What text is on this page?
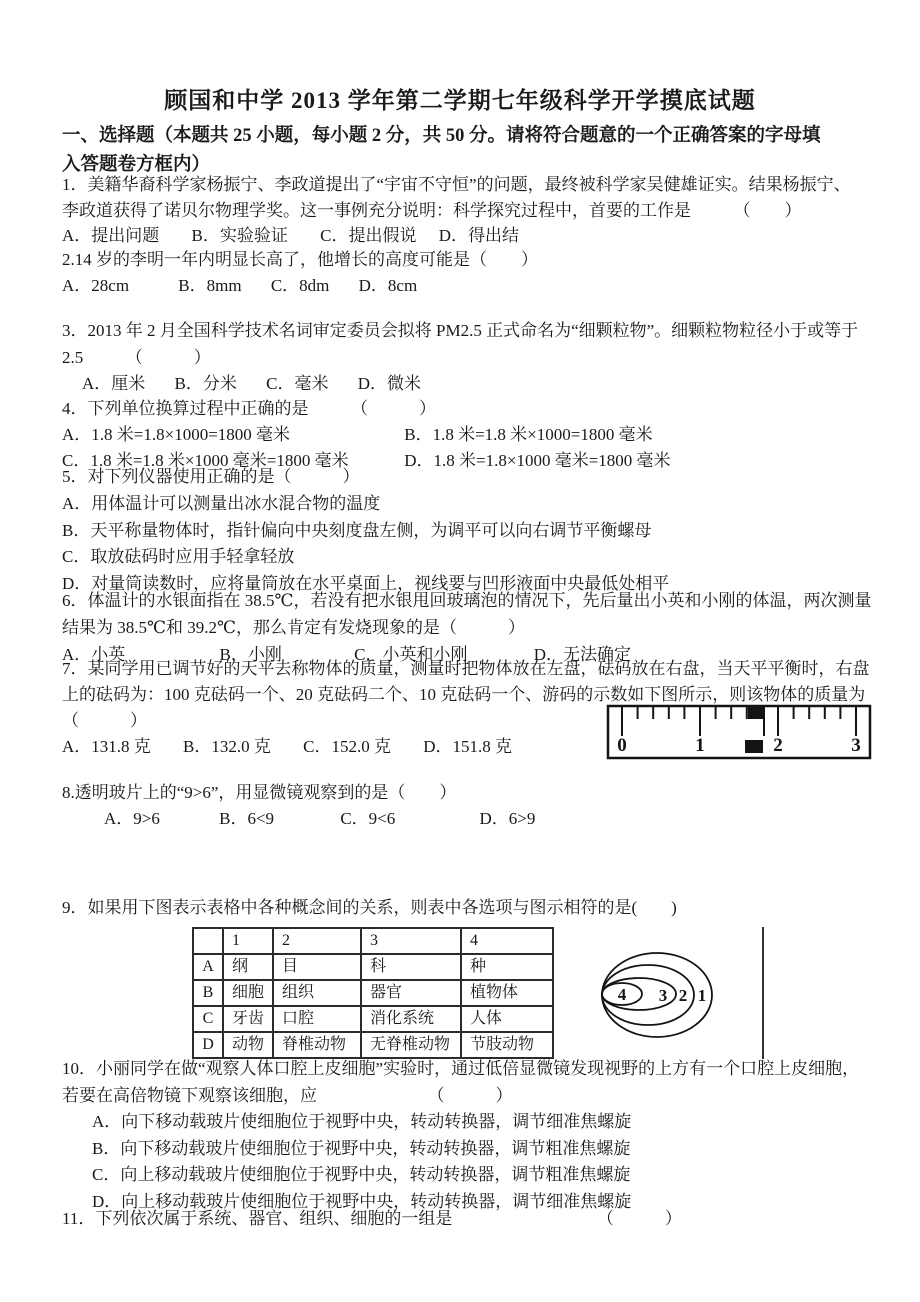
顾国和中学 2013 学年第二学期七年级科学开学摸底试题
一、选择题（本题共 25 小题，每小题 2 分，共 50 分。请将符合题意的一个正确答案的字母填
入答题卷方框内）
1．美籍华裔科学家杨振宁、李政道提出了“宇宙不守恒”的问题，最终被科学家吴健雄证实。结果杨振宁、
李政道获得了诺贝尔物理学奖。这一事例充分说明：科学探究过程中，首要的工作是　　　（　　）
A．提出问题 B．实验验证 C．提出假说 D．得出结
2.14 岁的李明一年内明显长高了，他增长的高度可能是（　　）
A．28cm	B．8mm C．8dm D．8cm
3．2013 年 2 月全国科学技术名词审定委员会拟将 PM2.5 正式命名为“细颗粒物”。细颗粒物粒径小于或等于
2.5　　　（　　　）
A．厘米 B．分米 C．毫米 D．微米
4．下列单位换算过程中正确的是　　　（　　　）
A．1.8 米=1.8×1000=1800 毫米	B．1.8 米=1.8 米×1000=1800 毫米
C．1.8 米=1.8 米×1000 毫米=1800 毫米	D．1.8 米=1.8×1000 毫米=1800 毫米
5．对下列仪器使用正确的是（　　　）
A．用体温计可以测量出冰水混合物的温度
B．天平称量物体时，指针偏向中央刻度盘左侧，为调平可以向右调节平衡螺母
C．取放砝码时应用手轻拿轻放
D．对量筒读数时，应将量筒放在水平桌面上，视线要与凹形液面中央最低处相平
6．体温计的水银面指在 38.5℃，若没有把水银甩回玻璃泡的情况下，先后量出小英和小刚的体温，两次测量
结果为 38.5℃和 39.2℃，那么肯定有发烧现象的是（　　　）
A．小英	B．小刚	C．小英和小刚	D．无法确定
7．某同学用已调节好的天平去称物体的质量，测量时把物体放在左盘，砝码放在右盘，当天平平衡时，右盘
上的砝码为：100 克砝码一个、20 克砝码二个、10 克砝码一个、游码的示数如下图所示，则该物体的质量为
（　　　）
A．131.8 克 B．132.0 克 C．152.0 克 D．151.8 克	0	1	2	3
8.透明玻片上的“9>6”，用显微镜观察到的是（　　）
A．9>6	B．6<9	C．9<6	D．6>9
9．如果用下图表示表格中各种概念间的关系，则表中各选项与图示相符的是(　　)
	1	2	3	4
A	纲	目	科	种
B	细胞	组织	器官	植物体
C	牙齿	口腔	消化系统	人体
D	动物	脊椎动物	无脊椎动物	节肢动物
4 3 2 1
10．小丽同学在做“观察人体口腔上皮细胞”实验时，通过低倍显微镜发现视野的上方有一个口腔上皮细胞，
若要在高倍物镜下观察该细胞，应　　　　　　　（　　　）
A．向下移动载玻片使细胞位于视野中央，转动转换器，调节细准焦螺旋
B．向下移动载玻片使细胞位于视野中央，转动转换器，调节粗准焦螺旋
C．向上移动载玻片使细胞位于视野中央，转动转换器，调节粗准焦螺旋
D．向上移动载玻片使细胞位于视野中央，转动转换器，调节细准焦螺旋
11．下列依次属于系统、器官、组织、细胞的一组是　　　　　　　　　（　　　）
